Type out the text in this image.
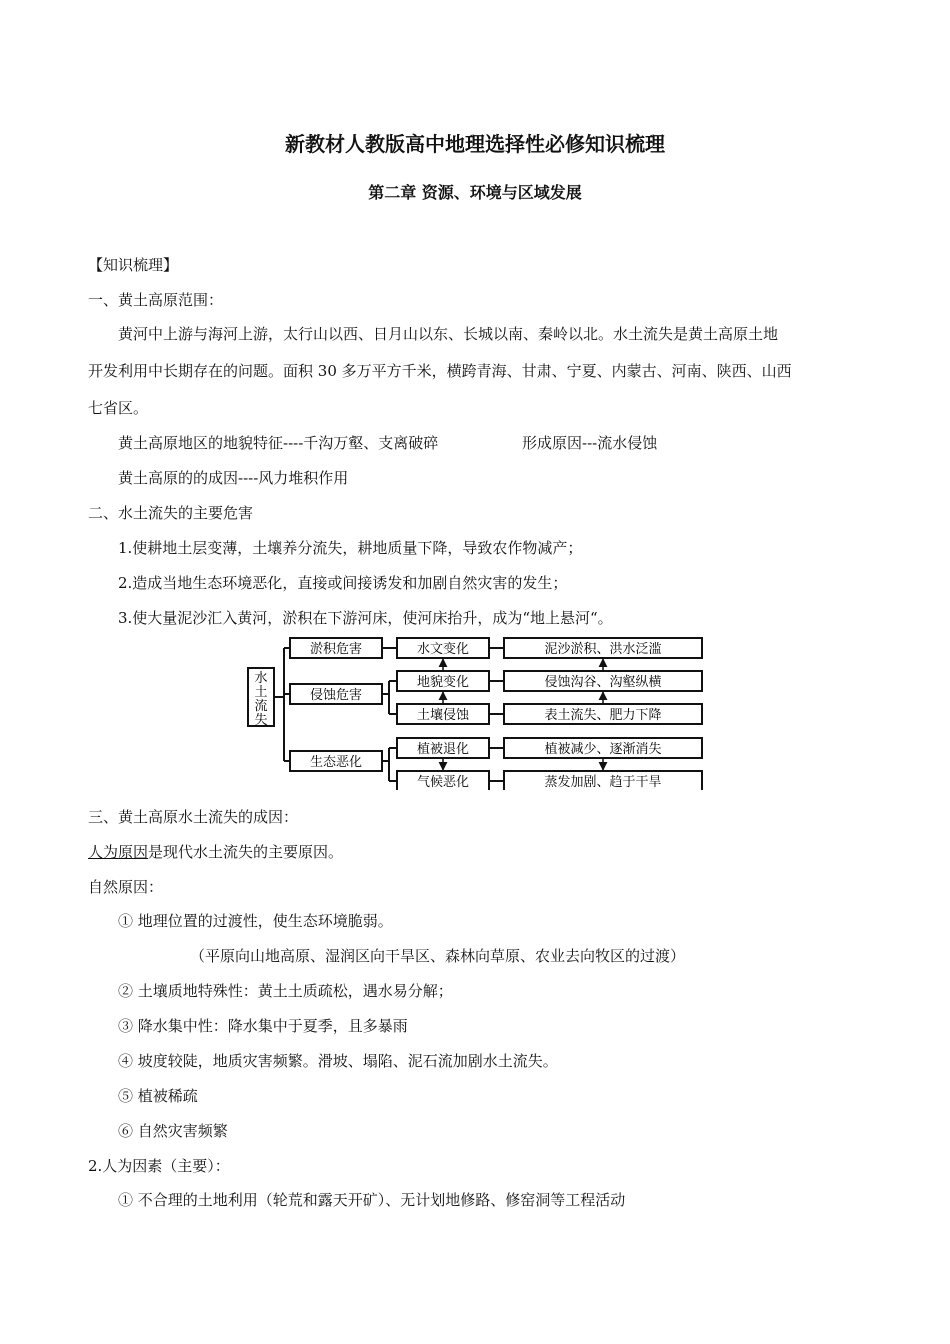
新教材人教版高中地理选择性必修知识梳理
第二章 资源、环境与区域发展
【知识梳理】
一、黄土高原范围：
黄河中上游与海河上游，太行山以西、日月山以东、长城以南、秦岭以北。水土流失是黄土高原土地
开发利用中长期存在的问题。面积 30 多万平方千米，横跨青海、甘肃、宁夏、内蒙古、河南、陕西、山西
七省区。
黄土高原地区的地貌特征----千沟万壑、支离破碎	形成原因---流水侵蚀
黄土高原的的成因----风力堆积作用
二、水土流失的主要危害
1.使耕地土层变薄，土壤养分流失，耕地质量下降，导致农作物减产；
2.造成当地生态环境恶化，直接或间接诱发和加剧自然灾害的发生；
3.使大量泥沙汇入黄河，淤积在下游河床，使河床抬升，成为“地上悬河“。
水
土
流
失
淤积危害
侵蚀危害
生态恶化
水文变化
地貌变化
土壤侵蚀
植被退化
气候恶化
泥沙淤积、洪水泛滥
侵蚀沟谷、沟壑纵横
表土流失、肥力下降
植被减少、逐渐消失
蒸发加剧、趋于干旱
三、黄土高原水土流失的成因：
人为原因是现代水土流失的主要原因。
自然原因：
① 地理位置的过渡性，使生态环境脆弱。
（平原向山地高原、湿润区向干旱区、森林向草原、农业去向牧区的过渡）
② 土壤质地特殊性：黄土土质疏松，遇水易分解；
③ 降水集中性：降水集中于夏季，且多暴雨
④ 坡度较陡，地质灾害频繁。滑坡、塌陷、泥石流加剧水土流失。
⑤ 植被稀疏
⑥ 自然灾害频繁
2.人为因素（主要）：
① 不合理的土地利用（轮荒和露天开矿）、无计划地修路、修窑洞等工程活动
